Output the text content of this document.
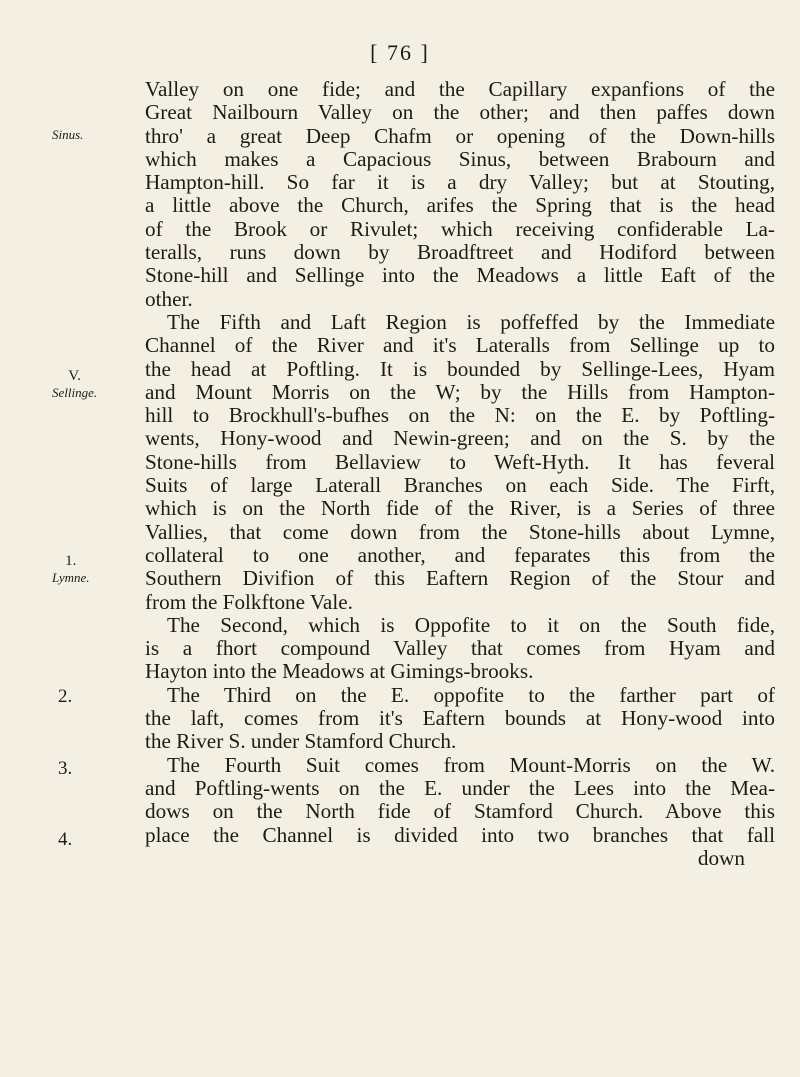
[ 76 ]
Sinus.
V.
Sellinge.
1.
Lymne.
2.
3.
4.
Valley on one fide; and the Capillary expanfions of the
Great Nailbourn Valley on the other; and then paffes down
thro' a great Deep Chafm or opening of the Down-hills
which makes a Capacious Sinus, between Brabourn and
Hampton-hill. So far it is a dry Valley; but at Stouting,
a little above the Church, arifes the Spring that is the head
of the Brook or Rivulet; which receiving confiderable La-
teralls, runs down by Broadftreet and Hodiford between
Stone-hill and Sellinge into the Meadows a little Eaft of the
other.
The Fifth and Laft Region is poffeffed by the Immediate
Channel of the River and it's Lateralls from Sellinge up to
the head at Poftling. It is bounded by Sellinge-Lees, Hyam
and Mount Morris on the W; by the Hills from Hampton-
hill to Brockhull's-bufhes on the N: on the E. by Poftling-
wents, Hony-wood and Newin-green; and on the S. by the
Stone-hills from Bellaview to Weft-Hyth. It has feveral
Suits of large Laterall Branches on each Side. The Firft,
which is on the North fide of the River, is a Series of three
Vallies, that come down from the Stone-hills about Lymne,
collateral to one another, and feparates this from the
Southern Divifion of this Eaftern Region of the Stour and
from the Folkftone Vale.
The Second, which is Oppofite to it on the South fide,
is a fhort compound Valley that comes from Hyam and
Hayton into the Meadows at Gimings-brooks.
The Third on the E. oppofite to the farther part of
the laft, comes from it's Eaftern bounds at Hony-wood into
the River S. under Stamford Church.
The Fourth Suit comes from Mount-Morris on the W.
and Poftling-wents on the E. under the Lees into the Mea-
dows on the North fide of Stamford Church. Above this
place the Channel is divided into two branches that fall
down
